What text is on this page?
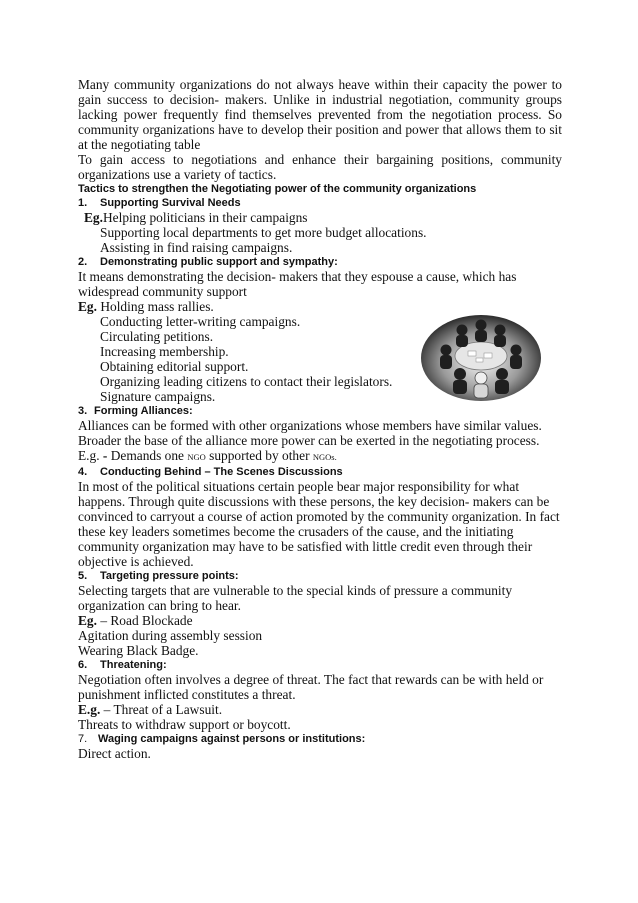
Many community organizations do not always heave within their capacity the power to gain success to decision- makers. Unlike in industrial negotiation, community groups lacking power frequently find themselves prevented from the negotiation process. So community organizations have to develop their position and power that allows them to sit at the negotiating table

To gain access to negotiations and enhance their bargaining positions, community organizations use a variety of tactics.

Tactics to strengthen the Negotiating power of the community organizations

1. Supporting Survival Needs

Eg.Helping politicians in their campaigns

Supporting local departments to get more budget allocations.

Assisting in find raising campaigns.

2. Demonstrating public support and sympathy:

It means demonstrating the decision- makers that they espouse a cause, which has widespread community support

Eg. Holding mass rallies.

Conducting letter-writing campaigns.

Circulating petitions.

Increasing membership.

Obtaining editorial support.

Organizing leading citizens to contact their legislators.

Signature campaigns.

3. Forming Alliances:

Alliances can be formed with other organizations whose members have similar values.

Broader the base of the alliance more power can be exerted in the negotiating process.

E.g. - Demands one NGO supported by other NGOs.

4. Conducting Behind – The Scenes Discussions

In most of the political situations certain people bear major responsibility for what happens. Through quite discussions with these persons, the key decision- makers can be convinced to carryout a course of action promoted by the community organization. In fact these key leaders sometimes become the crusaders of the cause, and the initiating community organization may have to be satisfied with little credit even through their objective is achieved.

5. Targeting pressure points:

Selecting targets that are vulnerable to the special kinds of pressure a community organization can bring to hear.

Eg. – Road Blockade

Agitation during assembly session

Wearing Black Badge.

6. Threatening:

Negotiation often involves a degree of threat. The fact that rewards can be with held or punishment inflicted constitutes a threat.

E.g. – Threat of a Lawsuit.

Threats to withdraw support or boycott.

7. Waging campaigns against persons or institutions:

Direct action.
